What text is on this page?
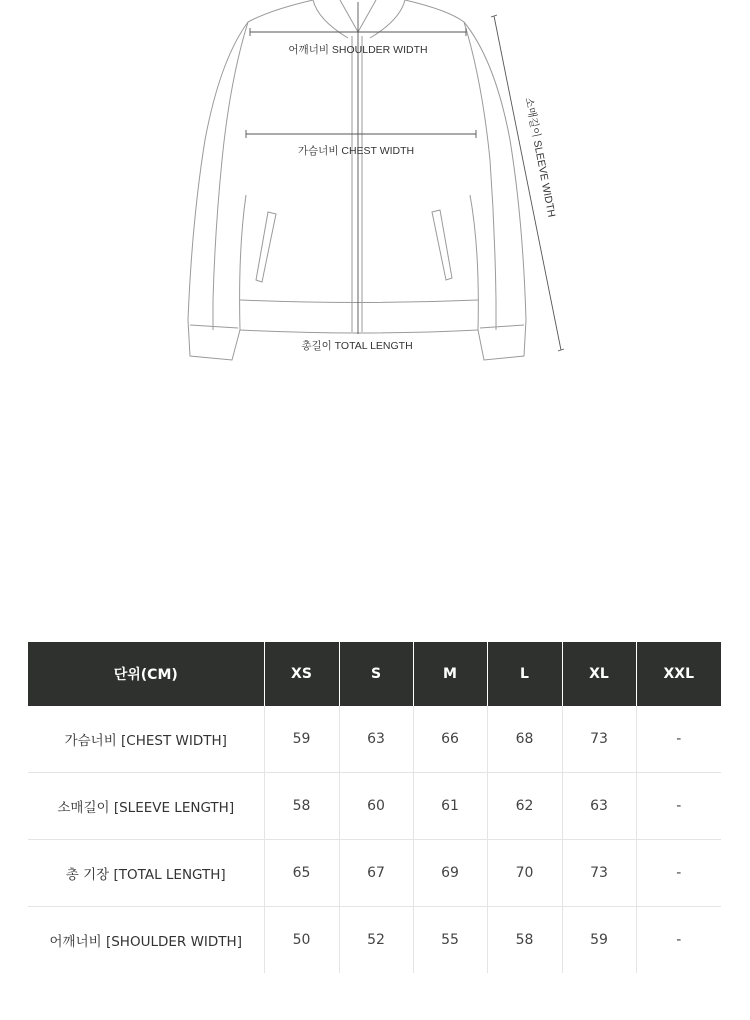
어깨너비 SHOULDER WIDTH
가슴너비 CHEST WIDTH
총길이 TOTAL LENGTH
소매길이 SLEEVE WIDTH
단위(CM)	XS	S	M	L	XL	XXL
가슴너비 [CHEST WIDTH]	59	63	66	68	73	-
소매길이 [SLEEVE LENGTH]	58	60	61	62	63	-
총 기장 [TOTAL LENGTH]	65	67	69	70	73	-
어깨너비 [SHOULDER WIDTH]	50	52	55	58	59	-
